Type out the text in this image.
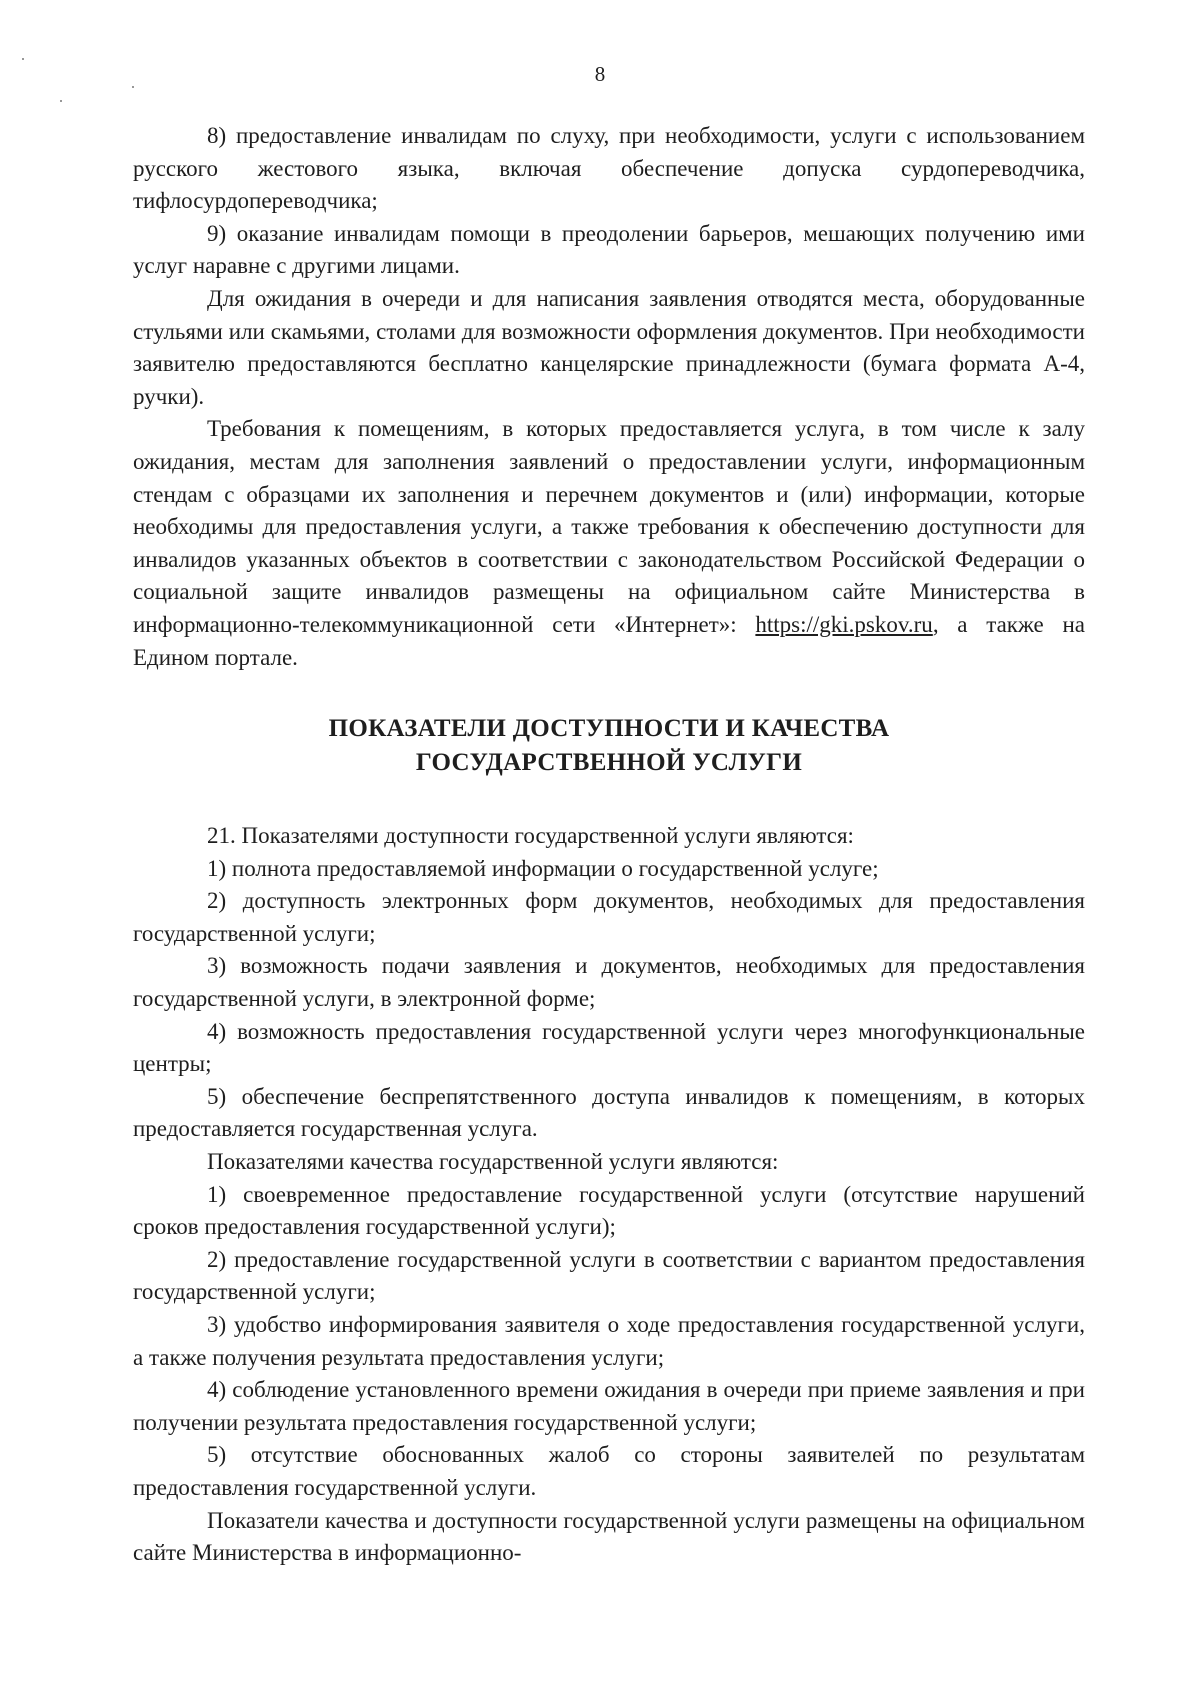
8

8) предоставление инвалидам по слуху, при необходимости, услуги с использованием русского жестового языка, включая обеспечение допуска сурдопереводчика, тифлосурдопереводчика;

9) оказание инвалидам помощи в преодолении барьеров, мешающих получению ими услуг наравне с другими лицами.

Для ожидания в очереди и для написания заявления отводятся места, оборудованные стульями или скамьями, столами для возможности оформления документов. При необходимости заявителю предоставляются бесплатно канцелярские принадлежности (бумага формата А-4, ручки).

Требования к помещениям, в которых предоставляется услуга, в том числе к залу ожидания, местам для заполнения заявлений о предоставлении услуги, информационным стендам с образцами их заполнения и перечнем документов и (или) информации, которые необходимы для предоставления услуги, а также требования к обеспечению доступности для инвалидов указанных объектов в соответствии с законодательством Российской Федерации о социальной защите инвалидов размещены на официальном сайте Министерства в информационно-телекоммуникационной сети «Интернет»: https://gki.pskov.ru, а также на Едином портале.

ПОКАЗАТЕЛИ ДОСТУПНОСТИ И КАЧЕСТВА
ГОСУДАРСТВЕННОЙ УСЛУГИ

21. Показателями доступности государственной услуги являются:

1) полнота предоставляемой информации о государственной услуге;

2) доступность электронных форм документов, необходимых для предоставления государственной услуги;

3) возможность подачи заявления и документов, необходимых для предоставления государственной услуги, в электронной форме;

4) возможность предоставления государственной услуги через многофункциональные центры;

5) обеспечение беспрепятственного доступа инвалидов к помещениям, в которых предоставляется государственная услуга.

Показателями качества государственной услуги являются:

1) своевременное предоставление государственной услуги (отсутствие нарушений сроков предоставления государственной услуги);

2) предоставление государственной услуги в соответствии с вариантом предоставления государственной услуги;

3) удобство информирования заявителя о ходе предоставления государственной услуги, а также получения результата предоставления услуги;

4) соблюдение установленного времени ожидания в очереди при приеме заявления и при получении результата предоставления государственной услуги;

5) отсутствие обоснованных жалоб со стороны заявителей по результатам предоставления государственной услуги.

Показатели качества и доступности государственной услуги размещены на официальном сайте Министерства в информационно-
